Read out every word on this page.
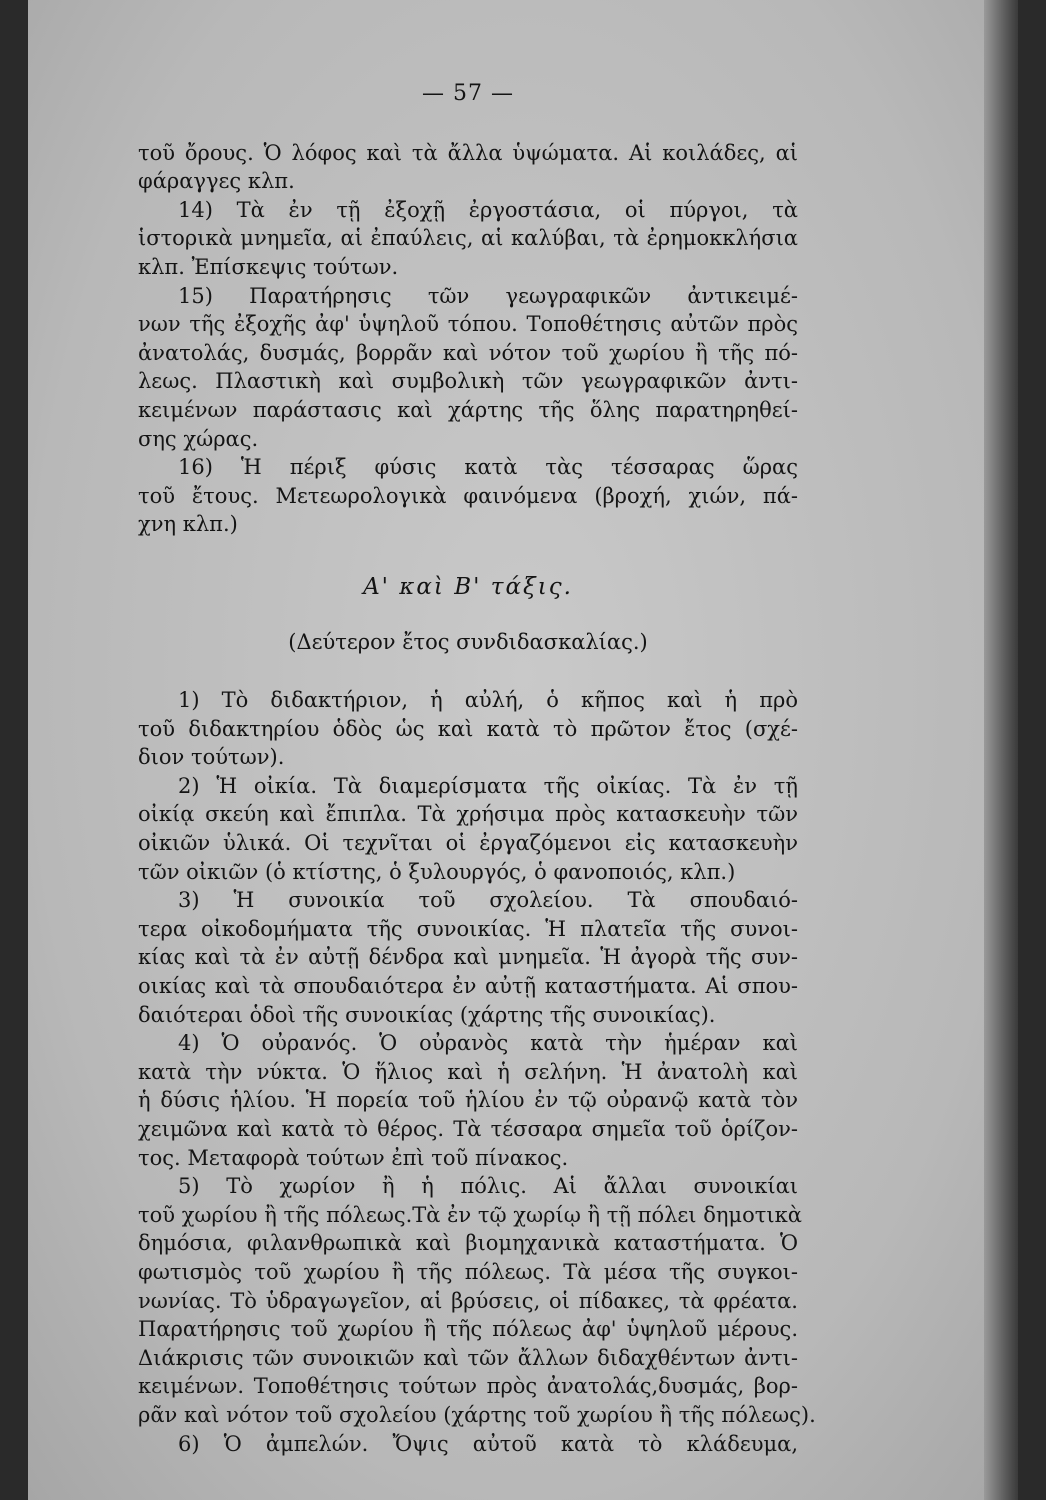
— 57 —
τοῦ ὄρους. Ὁ λόφος καὶ τὰ ἄλλα ὑψώματα. Αἱ κοιλάδες, αἱ
φάραγγες κλπ.
14) Τὰ ἐν τῇ ἐξοχῇ ἐργοστάσια, οἱ πύργοι, τὰ
ἱστορικὰ μνημεῖα, αἱ ἐπαύλεις, αἱ καλύβαι, τὰ ἐρημοκκλήσια
κλπ. Ἐπίσκεψις τούτων.
15) Παρατήρησις τῶν γεωγραφικῶν ἀντικειμέ-
νων τῆς ἐξοχῆς ἀφ' ὑψηλοῦ τόπου. Τοποθέτησις αὐτῶν πρὸς
ἀνατολάς, δυσμάς, βορρᾶν καὶ νότον τοῦ χωρίου ἢ τῆς πό-
λεως. Πλαστικὴ καὶ συμβολικὴ τῶν γεωγραφικῶν ἀντι-
κειμένων παράστασις καὶ χάρτης τῆς ὅλης παρατηρηθεί-
σης χώρας.
16) Ἡ πέριξ φύσις κατὰ τὰς τέσσαρας ὥρας
τοῦ ἔτους. Μετεωρολογικὰ φαινόμενα (βροχή, χιών, πά-
χνη κλπ.)
Α' καὶ Β' τάξις.
(Δεύτερον ἔτος συνδιδασκαλίας.)
1) Τὸ διδακτήριον, ἡ αὐλή, ὁ κῆπος καὶ ἡ πρὸ
τοῦ διδακτηρίου ὁδὸς ὡς καὶ κατὰ τὸ πρῶτον ἔτος (σχέ-
διον τούτων).
2) Ἡ οἰκία. Τὰ διαμερίσματα τῆς οἰκίας. Τὰ ἐν τῇ
οἰκίᾳ σκεύη καὶ ἔπιπλα. Τὰ χρήσιμα πρὸς κατασκευὴν τῶν
οἰκιῶν ὑλικά. Οἱ τεχνῖται οἱ ἐργαζόμενοι εἰς κατασκευὴν
τῶν οἰκιῶν (ὁ κτίστης, ὁ ξυλουργός, ὁ φανοποιός, κλπ.)
3) Ἡ συνοικία τοῦ σχολείου. Τὰ σπουδαιό-
τερα οἰκοδομήματα τῆς συνοικίας. Ἡ πλατεῖα τῆς συνοι-
κίας καὶ τὰ ἐν αὐτῇ δένδρα καὶ μνημεῖα. Ἡ ἀγορὰ τῆς συν-
οικίας καὶ τὰ σπουδαιότερα ἐν αὐτῇ καταστήματα. Αἱ σπου-
δαιότεραι ὁδοὶ τῆς συνοικίας (χάρτης τῆς συνοικίας).
4) Ὁ οὐρανός. Ὁ οὐρανὸς κατὰ τὴν ἡμέραν καὶ
κατὰ τὴν νύκτα. Ὁ ἥλιος καὶ ἡ σελήνη. Ἡ ἀνατολὴ καὶ
ἡ δύσις ἡλίου. Ἡ πορεία τοῦ ἡλίου ἐν τῷ οὐρανῷ κατὰ τὸν
χειμῶνα καὶ κατὰ τὸ θέρος. Τὰ τέσσαρα σημεῖα τοῦ ὁρίζον-
τος. Μεταφορὰ τούτων ἐπὶ τοῦ πίνακος.
5) Τὸ χωρίον ἢ ἡ πόλις. Αἱ ἄλλαι συνοικίαι
τοῦ χωρίου ἢ τῆς πόλεως.Τὰ ἐν τῷ χωρίῳ ἢ τῇ πόλει δημοτικὰ
δημόσια, φιλανθρωπικὰ καὶ βιομηχανικὰ καταστήματα. Ὁ
φωτισμὸς τοῦ χωρίου ἢ τῆς πόλεως. Τὰ μέσα τῆς συγκοι-
νωνίας. Τὸ ὑδραγωγεῖον, αἱ βρύσεις, οἱ πίδακες, τὰ φρέατα.
Παρατήρησις τοῦ χωρίου ἢ τῆς πόλεως ἀφ' ὑψηλοῦ μέρους.
Διάκρισις τῶν συνοικιῶν καὶ τῶν ἄλλων διδαχθέντων ἀντι-
κειμένων. Τοποθέτησις τούτων πρὸς ἀνατολάς,δυσμάς, βορ-
ρᾶν καὶ νότον τοῦ σχολείου (χάρτης τοῦ χωρίου ἢ τῆς πόλεως).
6) Ὁ ἀμπελών. Ὄψις αὐτοῦ κατὰ τὸ κλάδευμα,
